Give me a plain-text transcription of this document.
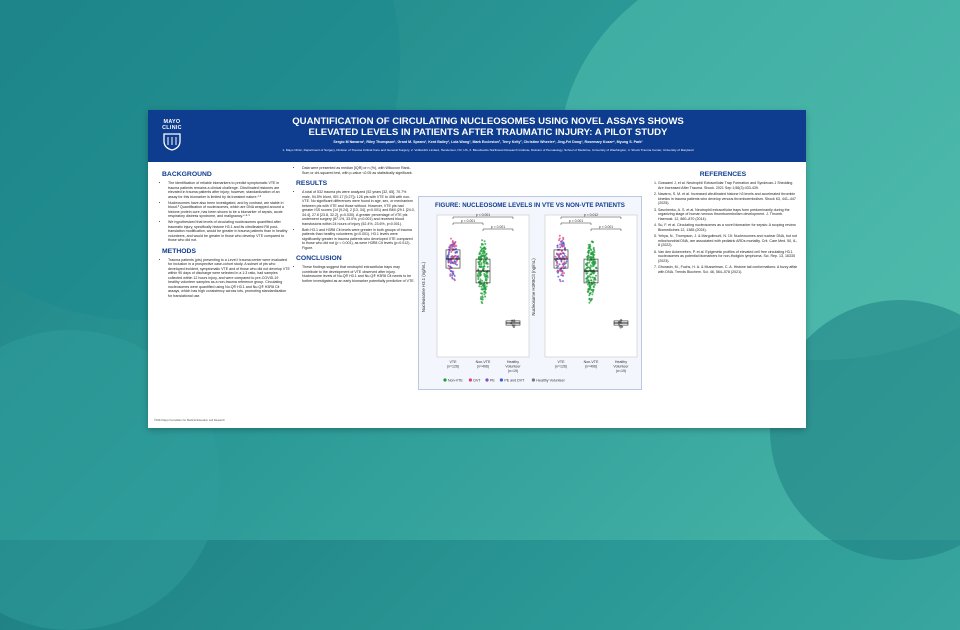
MAYO
CLINIC
QUANTIFICATION OF CIRCULATING NUCLEOSOMES USING NOVEL ASSAYS SHOWS
ELEVATED LEVELS IN PATIENTS AFTER TRAUMATIC INJURY: A PILOT STUDY
Sergio M Navarro¹, Riley Thompson¹, Grant M. Spears¹, Kent Bailey¹, Lola Wong¹, Mark Eccleston², Terry Kelly², Christine Wheeler³, Jing-Fei Dong³, Rosemary Kozar⁴, Myung S. Park¹
1. Mayo Clinic, Department of Surgery, Division of Trauma Critical Care and General Surgery, 2. VolitionRx Limited, Henderson, NV, US, 3. Bloodworks Northwest Research Institute, Division of Hematology, School of Medicine, University of Washington, 4. Shock Trauma Center, University of Maryland
BACKGROUND
• The identification of reliable biomarkers to predict symptomatic VTE in trauma patients remains a clinical challenge. Citrullinated histones are elevated in trauma patients after injury; however, standardization of an assay for this biomarker is limited by its transient nature.¹·²
• Nucleosomes have also been investigated, and by contrast, are stable in blood.³ Quantification of nucleosomes, which are DNA wrapped around a histone protein core, has been shown to be a biomarker of sepsis, acute respiratory distress syndrome, and malignancy.⁴·⁵·⁶
• We hypothesized that levels of circulating nucleosomes quantified after traumatic injury, specifically histone H3.1 and its citrullinated R8 post-translation modification, would be greater in trauma patients than in healthy volunteers, and would be greater in those who develop VTE compared to those who did not.
METHODS
• Trauma patients (pts) presenting to a Level I trauma center were evaluated for inclusion in a prospective case-cohort study. A subset of pts who developed incident, symptomatic VTE and of those who did not develop VTE within 90 days of discharge were selected in a 1:3 ratio, had samples collected within 12 hours injury, and were compared to pre-COVID-19 healthy volunteer samples as a non-trauma reference group. Circulating nucleosomes were quantified using Nu.Q® H3.1 and Nu.Q® H3R8 Cit assays, which has high consistency across lots, promoting standardization for translational use.
• Data were presented as median [IQR] or n (%), with Wilcoxon Rank-Sum or chi-squared test, with p-value <0.05 as statistically significant.
RESULTS
• A total of 532 trauma pts were analyzed (52 years [32, 65], 70.7% male, 94.5% blunt, ISS 17 [9,27]): 126 pts with VTE to 406 with non-VTE. No significant differences were found in age, sex, or mechanism between pts with VTE and those without. However, VTE pts had greater ISS scores (14 [9,24], 2 [13, 34], p<0.001) and BMI (29.1 [24.0, 34.4], 27.6 [23.8, 32.2], p=0.030). A greater percentage of VTE pts underwent surgery (87.1%, 33.0%, p<0.001) and received blood transfusions within 24 hours of injury (52.4%, 23.6%, p<0.001).
• Both H3.1 and H3R8 Cit levels were greater in both groups of trauma patients than healthy volunteers (p<0.001). H3.1 levels were significantly greater in trauma patients who developed VTE compared to those who did not (p < 0.001), as were H3R8 Cit levels (p=0.012). Figure.
CONCLUSION
• These findings suggest that neutrophil extracellular traps may contribute to the development of VTE observed after injury. Nucleosome levels of Nu.Q® H3.1 and Nu.Q® H3R8 Cit needs to be further investigated as an early biomarker potentially predictive of VTE.
FIGURE: NUCLEOSOME LEVELS IN VTE VS NON-VTE PATIENTS
Nucleosome H3.1 (ng/mL)	Nucleosome H3R8Cit (ng/mL)
VTE
(n=126)
Non-VTE
(n=406)
Healthy
Volunteer
(n=19)
p < 0.001
p < 0.001
p < 0.001
VTE
(n=126)
Non-VTE
(n=406)
Healthy
Volunteer
(n=19)
p < 0.001
p = 0.012
p < 0.001
Non-VTE	DVT	PE	PE and DVT	Healthy Volunteer
REFERENCES
1. Goswami J, et al. Neutrophil Extracellular Trap Formation and Syndecan-1 Shedding Are Increased After Trauma. Shock. 2021 Sep 1;56(3):433-439.
2. Navarro, S. M. et al. Increased citrullinated histone h3 levels and accelerated thrombin kinetics in trauma patients who develop venous thromboembolism. Shock 63, 441–447 (2025).
3. Savchenko, A. S. et al. Neutrophil extracellular traps form predominantly during the organizing stage of human venous thromboembolism development. J. Thromb. Haemost. 12, 860–870 (2014).
4. Su, F. et al. Circulating nucleosomes as a novel biomarker for sepsis: A scoping review. Biomedicines 12, 1385 (2024).
5. Yehya, N., Thompson, J. & Margulimurti, N. 15: Nucleosomes and nuclear DNA, but not mitochondrial DNA, are associated with pediatric ARDs mortality. Crit. Care Med. 50, 8–8 (2022).
6. Van den Ackerveken, P. et al. Epigenetic profiles of elevated cell free circulating H3.1 nucleosomes as potential biomarkers for non-Hodgkin lymphoma. Sci. Rep. 13, 16335 (2023).
7. Ghorasin, M., Fuchs, H. A. & Musselman, C. A. Histone tail conformations: A fuzzy affair with DNA. Trends Biochem. Sci. 46, 564–578 (2021).
©2024 Mayo Foundation for Medical Education and Research
